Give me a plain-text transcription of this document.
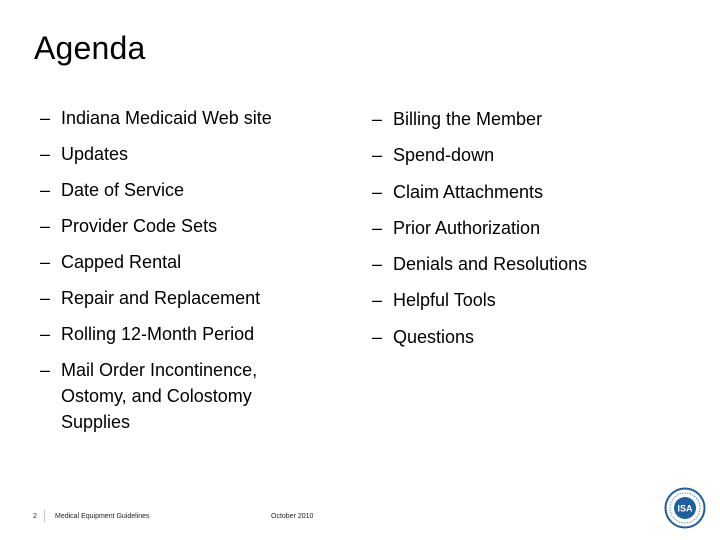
Agenda
– Indiana Medicaid Web site
– Updates
– Date of Service
– Provider Code Sets
– Capped Rental
– Repair and Replacement
– Rolling 12-Month Period
– Mail Order Incontinence, Ostomy, and Colostomy Supplies
– Billing the Member
– Spend-down
– Claim Attachments
– Prior Authorization
– Denials and Resolutions
– Helpful Tools
– Questions
2	Medical Equipment Guidelines	October 2010
ISA
